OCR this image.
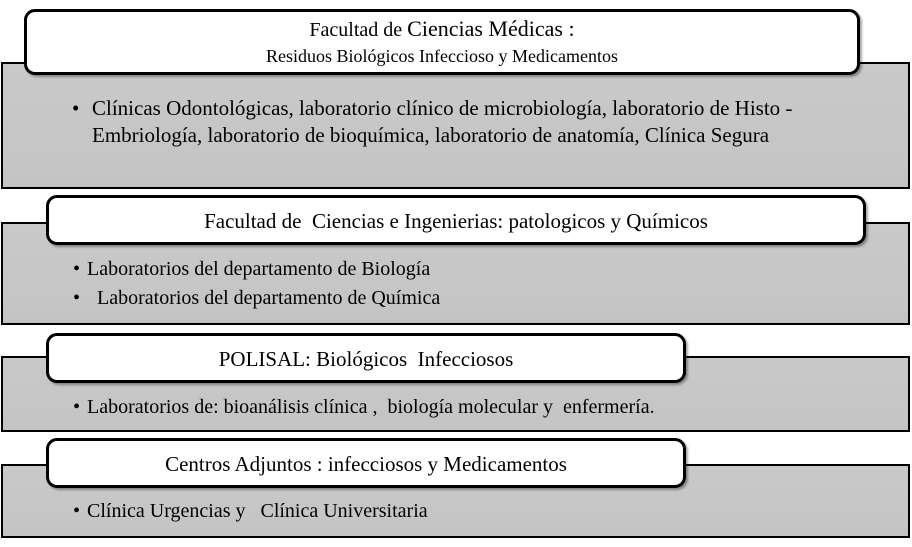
Facultad de Ciencias Médicas :
Residuos Biológicos Infeccioso y Medicamentos
• Clínicas Odontológicas, laboratorio clínico de microbiología, laboratorio de Histo -Embriología, laboratorio de bioquímica, laboratorio de anatomía, Clínica Segura
Facultad de  Ciencias e Ingenierias: patologicos y Químicos
• Laboratorios del departamento de Biología
• Laboratorios del departamento de Química
POLISAL: Biológicos  Infecciosos
• Laboratorios de: bioanálisis clínica ,  biología molecular y  enfermería.
Centros Adjuntos : infecciosos y Medicamentos
• Clínica Urgencias y   Clínica Universitaria
